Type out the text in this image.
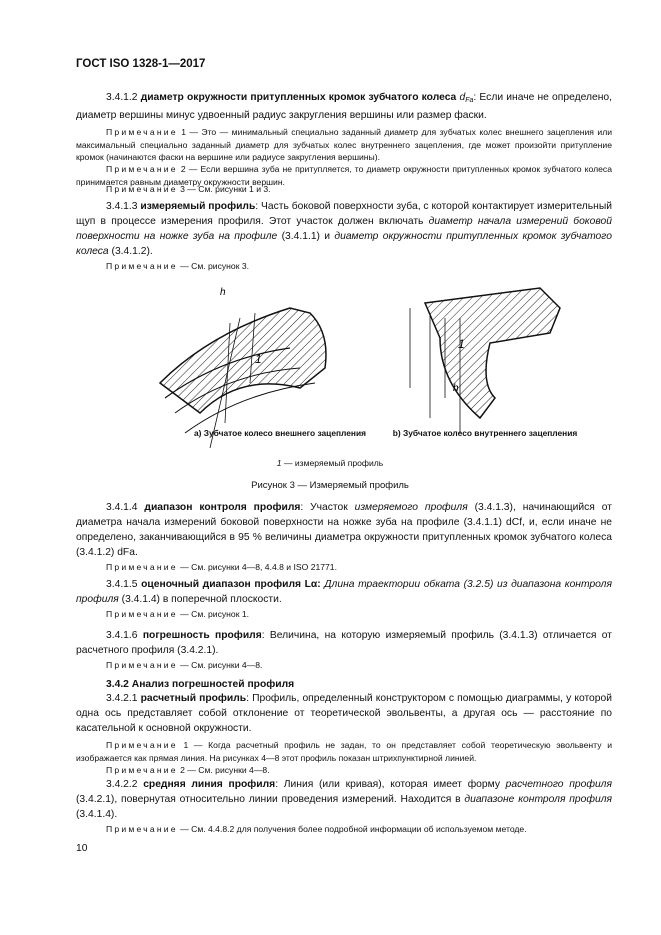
ГОСТ ISO 1328-1—2017
3.4.1.2 диаметр окружности притупленных кромок зубчатого колеса $d_{Fa}$: Если иначе не определено, диаметр вершины минус удвоенный радиус закругления вершины или размер фаски.
Примечание 1 — Это — минимальный специально заданный диаметр для зубчатых колес внешнего зацепления или максимальный специально заданный диаметр для зубчатых колес внутреннего зацепления, где может произойти притупление кромок (начинаются фаски на вершине или радиусе закругления вершины).
Примечание 2 — Если вершина зуба не притупляется, то диаметр окружности притупленных кромок зубчатого колеса принимается равным диаметру окружности вершин.
Примечание 3 — См. рисунки 1 и 3.
3.4.1.3 измеряемый профиль: Часть боковой поверхности зуба, с которой контактирует измерительный щуп в процессе измерения профиля. Этот участок должен включать диаметр начала измерений боковой поверхности на ножке зуба на профиле (3.4.1.1) и диаметр окружности притупленных кромок зубчатого колеса (3.4.1.2).
Примечание — См. рисунок 3.
1
h
1
h
a) Зубчатое колесо внешнего зацепления	b) Зубчатое колесо внутреннего зацепления
1 — измеряемый профиль
Рисунок 3 — Измеряемый профиль
3.4.1.4 диапазон контроля профиля: Участок измеряемого профиля (3.4.1.3), начинающийся от диаметра начала измерений боковой поверхности на ножке зуба на профиле (3.4.1.1) dCf, и, если иначе не определено, заканчивающийся в 95 % величины диаметра окружности притупленных кромок зубчатого колеса (3.4.1.2) dFa.
Примечание — См. рисунки 4—8, 4.4.8 и ISO 21771.
3.4.1.5 оценочный диапазон профиля Lα: Длина траектории обката (3.2.5) из диапазона контроля профиля (3.4.1.4) в поперечной плоскости.
Примечание — См. рисунок 1.
3.4.1.6 погрешность профиля: Величина, на которую измеряемый профиль (3.4.1.3) отличается от расчетного профиля (3.4.2.1).
Примечание — См. рисунки 4—8.
3.4.2 Анализ погрешностей профиля
3.4.2.1 расчетный профиль: Профиль, определенный конструктором с помощью диаграммы, у которой одна ось представляет собой отклонение от теоретической эвольвенты, а другая ось — расстояние по касательной к основной окружности.
Примечание 1 — Когда расчетный профиль не задан, то он представляет собой теоретическую эвольвенту и изображается как прямая линия. На рисунках 4—8 этот профиль показан штрихпунктирной линией.
Примечание 2 — См. рисунки 4—8.
3.4.2.2 средняя линия профиля: Линия (или кривая), которая имеет форму расчетного профиля (3.4.2.1), повернутая относительно линии проведения измерений. Находится в диапазоне контроля профиля (3.4.1.4).
Примечание — См. 4.4.8.2 для получения более подробной информации об используемом методе.
10
